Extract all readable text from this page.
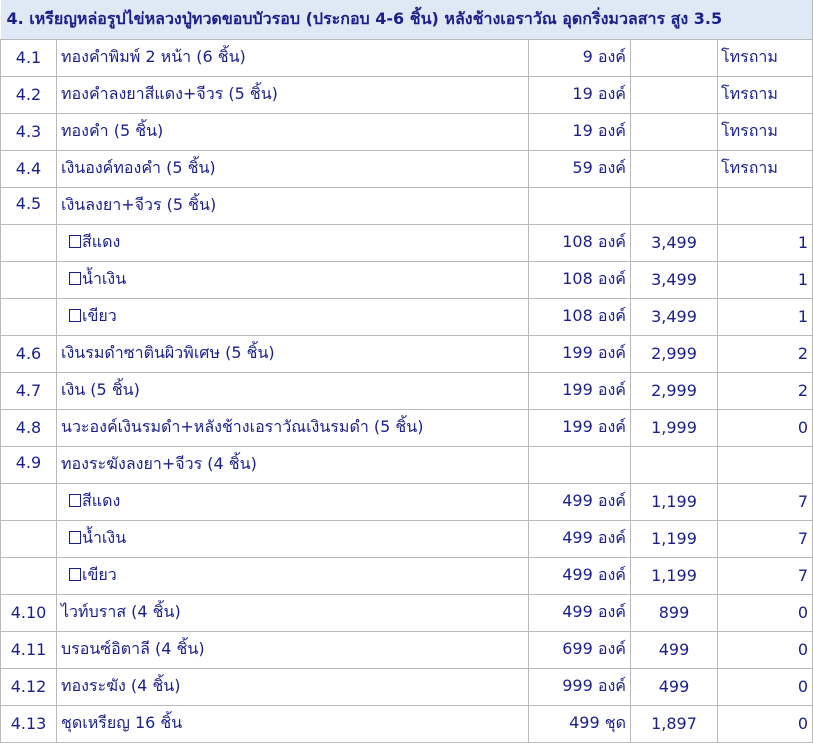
4. เหรียญหล่อรูปไข่หลวงปู่ทวดขอบบัวรอบ (ประกอบ 4-6 ชิ้น) หลังช้างเอราวัณ อุดกริ่งมวลสาร สูง 3.5				
4.1	ทองคำพิมพ์ 2 หน้า (6 ชิ้น)	9 องค์		โทรถาม
4.2	ทองคำลงยาสีแดง+จีวร (5 ชิ้น)	19 องค์		โทรถาม
4.3	ทองคำ (5 ชิ้น)	19 องค์		โทรถาม
4.4	เงินองค์ทองคำ (5 ชิ้น)	59 องค์		โทรถาม
4.5	เงินลงยา+จีวร (5 ชิ้น)			
	สีแดง	108 องค์	3,499	1
	น้ำเงิน	108 องค์	3,499	1
	เขียว	108 องค์	3,499	1
4.6	เงินรมดำซาตินผิวพิเศษ (5 ชิ้น)	199 องค์	2,999	2
4.7	เงิน (5 ชิ้น)	199 องค์	2,999	2
4.8	นวะองค์เงินรมดำ+หลังช้างเอราวัณเงินรมดำ (5 ชิ้น)	199 องค์	1,999	0
4.9	ทองระฆังลงยา+จีวร (4 ชิ้น)			
	สีแดง	499 องค์	1,199	7
	น้ำเงิน	499 องค์	1,199	7
	เขียว	499 องค์	1,199	7
4.10	ไวท์บราส (4 ชิ้น)	499 องค์	899	0
4.11	บรอนซ์อิตาลี (4 ชิ้น)	699 องค์	499	0
4.12	ทองระฆัง (4 ชิ้น)	999 องค์	499	0
4.13	ชุดเหรียญ 16 ชิ้น	499 ชุด	1,897	0
